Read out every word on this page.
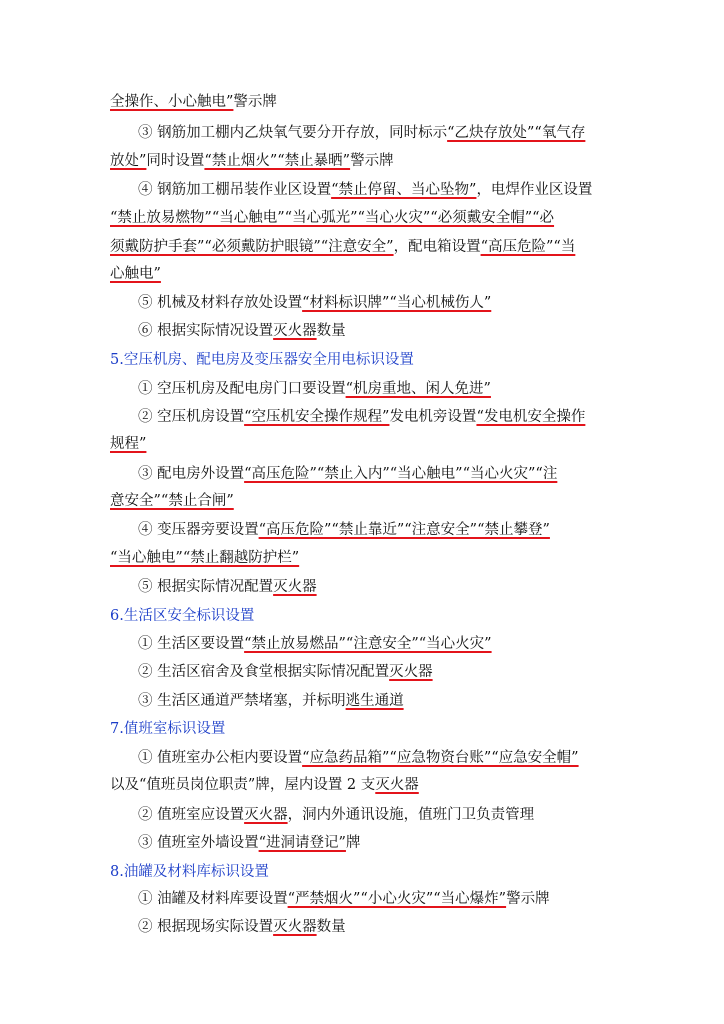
全操作、小心触电”警示牌
③ 钢筋加工棚内乙炔氧气要分开存放，同时标示“乙炔存放处”“氧气存
放处”同时设置“禁止烟火”“禁止暴晒”警示牌
④ 钢筋加工棚吊装作业区设置“禁止停留、当心坠物”，电焊作业区设置
“禁止放易燃物”“当心触电”“当心弧光”“当心火灾”“必须戴安全帽”“必
须戴防护手套”“必须戴防护眼镜”“注意安全”，配电箱设置“高压危险”“当
心触电”
⑤ 机械及材料存放处设置“材料标识牌”“当心机械伤人”
⑥ 根据实际情况设置灭火器数量
5.空压机房、配电房及变压器安全用电标识设置
① 空压机房及配电房门口要设置“机房重地、闲人免进”
② 空压机房设置“空压机安全操作规程”发电机旁设置“发电机安全操作
规程”
③ 配电房外设置“高压危险”“禁止入内”“当心触电”“当心火灾”“注
意安全”“禁止合闸”
④ 变压器旁要设置“高压危险”“禁止靠近”“注意安全”“禁止攀登”
“当心触电”“禁止翻越防护栏”
⑤ 根据实际情况配置灭火器
6.生活区安全标识设置
① 生活区要设置“禁止放易燃品”“注意安全”“当心火灾”
② 生活区宿舍及食堂根据实际情况配置灭火器
③ 生活区通道严禁堵塞，并标明逃生通道
7.值班室标识设置
① 值班室办公柜内要设置“应急药品箱”“应急物资台账”“应急安全帽”
以及“值班员岗位职责”牌，屋内设置 2 支灭火器
② 值班室应设置灭火器，洞内外通讯设施，值班门卫负责管理
③ 值班室外墙设置“进洞请登记”牌
8.油罐及材料库标识设置
① 油罐及材料库要设置“严禁烟火”“小心火灾”“当心爆炸”警示牌
② 根据现场实际设置灭火器数量
